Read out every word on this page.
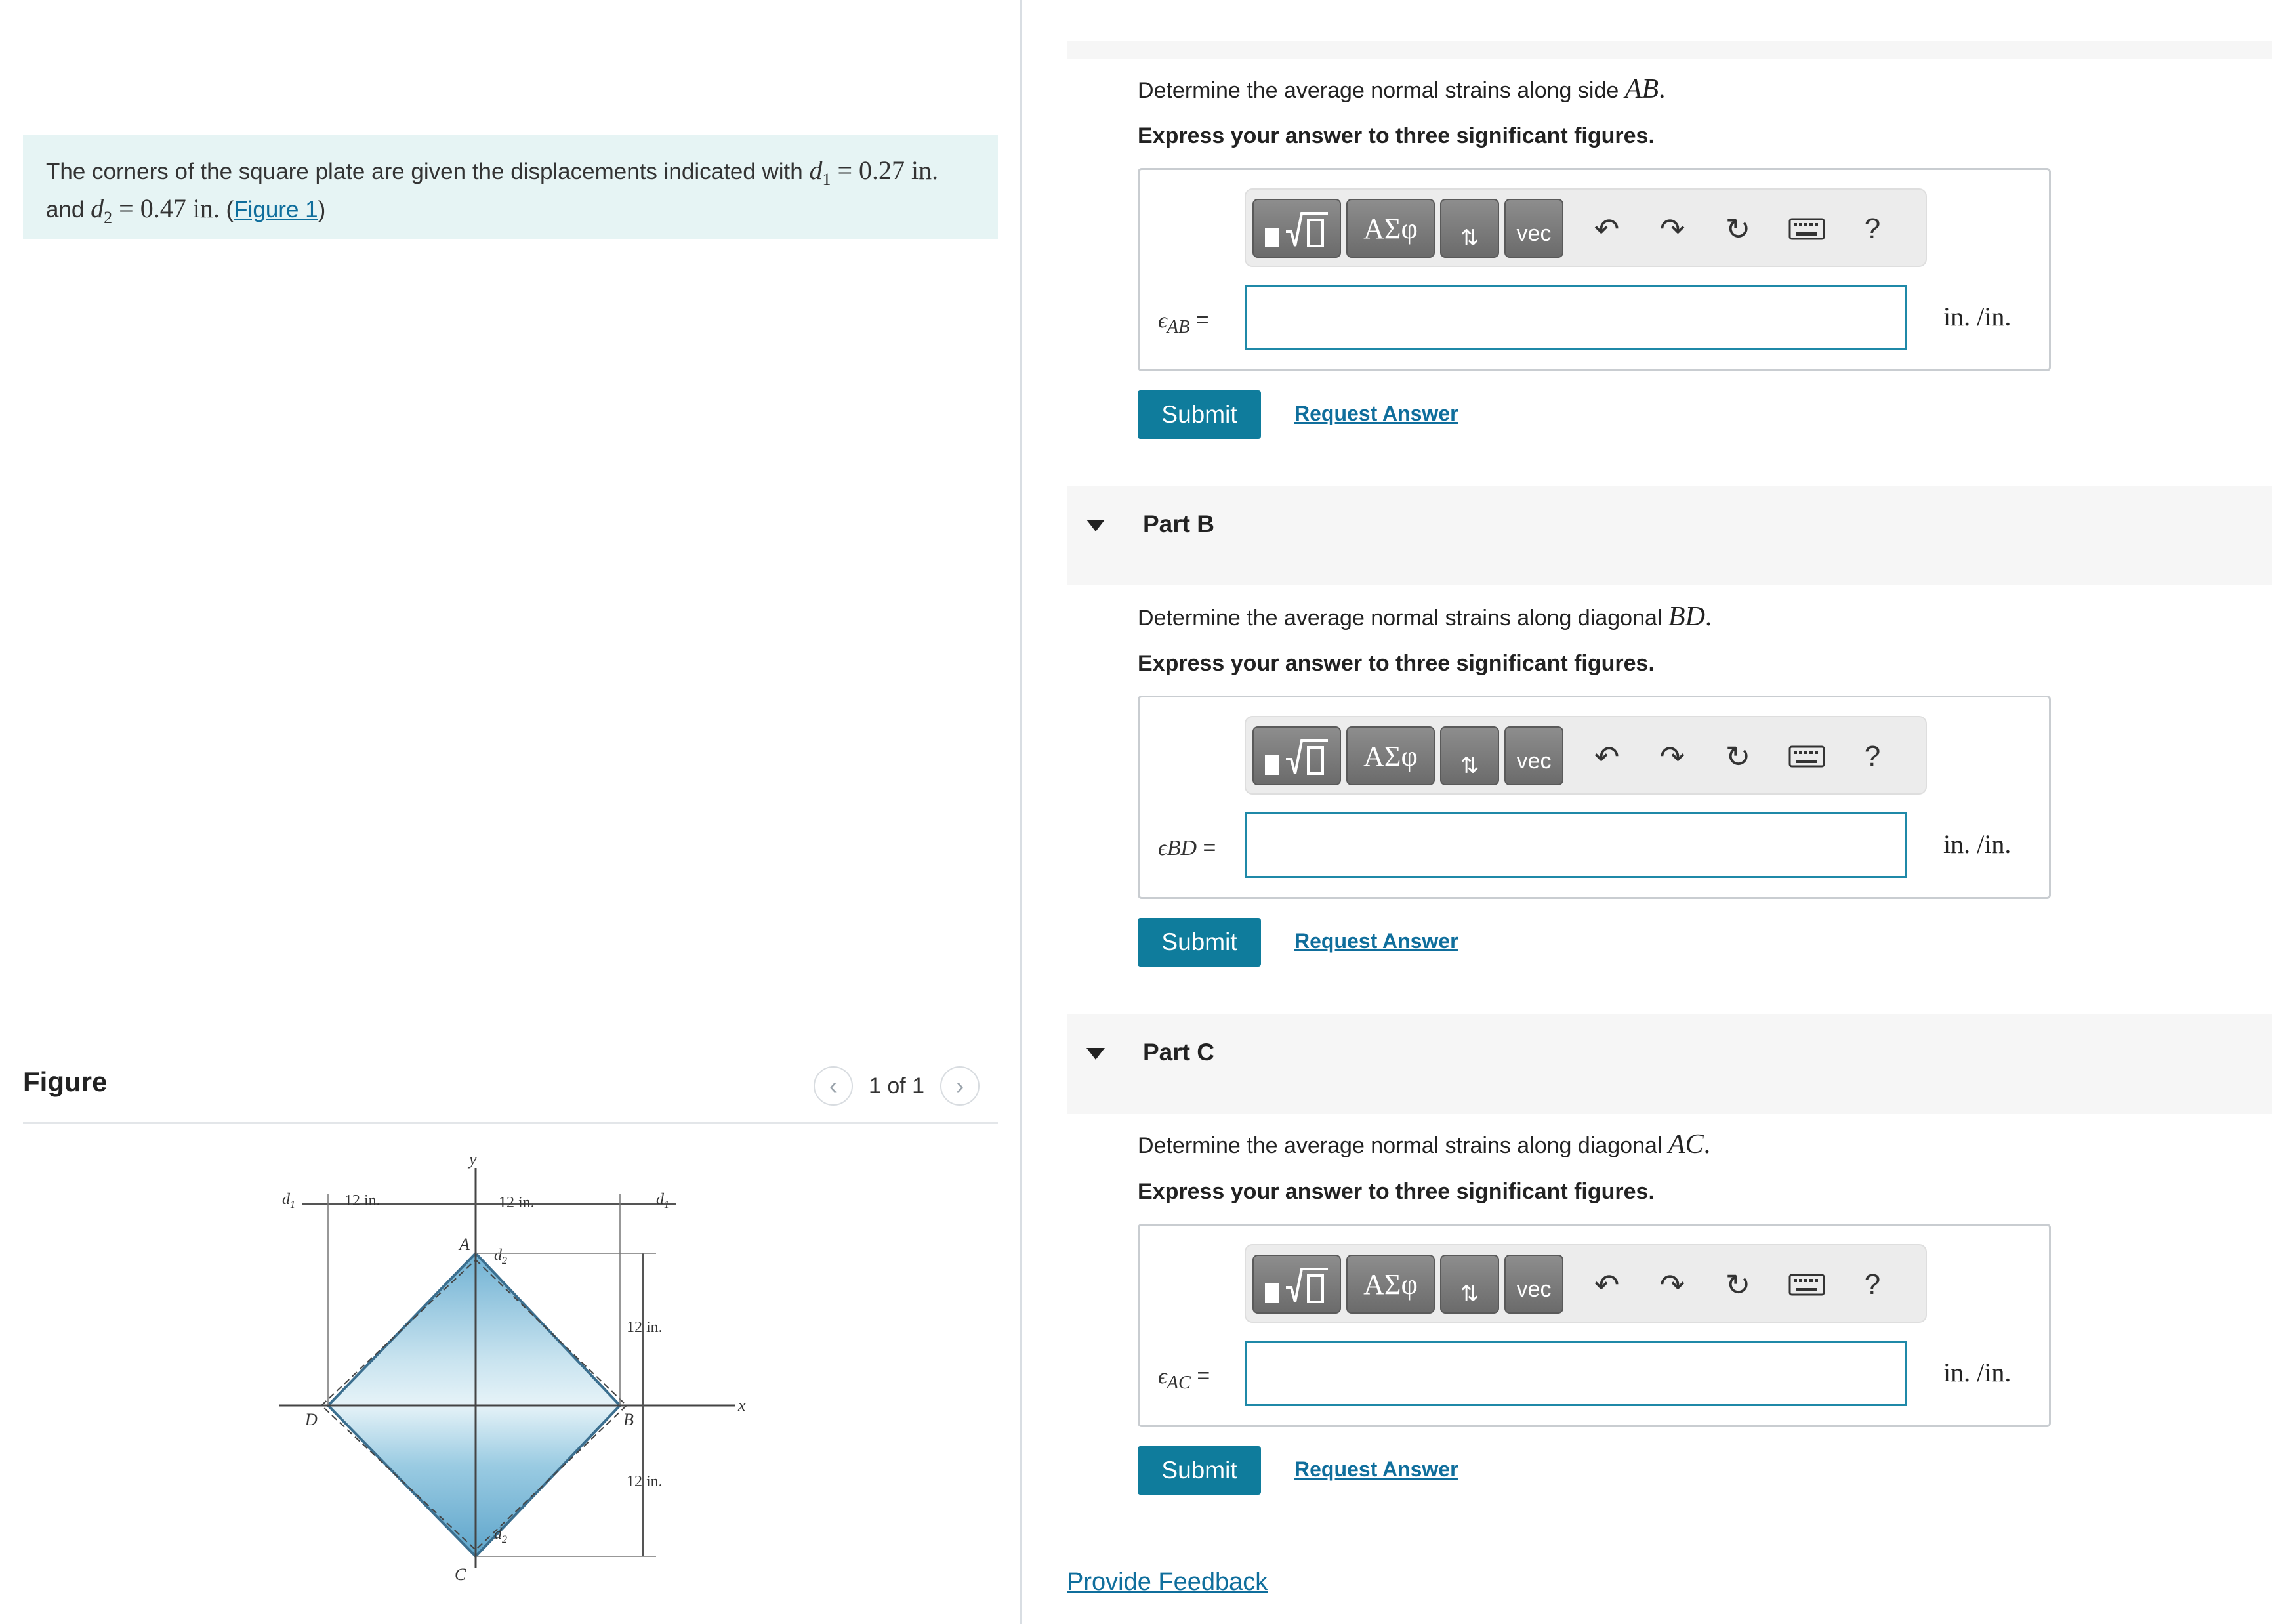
The corners of the square plate are given the displacements indicated with $d_1 = 0.27$ in.
and $d_2 = 0.47$ in. (Figure 1)
Figure	‹	1 of 1	›
y
x
A
B
C
D
12 in.	12 in.
$d_1$	$d_1$
$d_2$
$d_2$
12 in.
12 in.
Determine the average normal strains along side AB.
Express your answer to three significant figures.
ΑΣφ	⇅ vec ↶ ↷ ↻	?
$\epsilon_{AB}$ =	in. /in.
Submit	Request Answer
Part B
Determine the average normal strains along diagonal BD.
Express your answer to three significant figures.
ΑΣφ	⇅ vec ↶ ↷ ↻	?
ϵBD =	in. /in.
Submit	Request Answer
Part C
Determine the average normal strains along diagonal AC.
Express your answer to three significant figures.
ΑΣφ	⇅ vec ↶ ↷ ↻	?
$\epsilon_{AC}$ =	in. /in.
Submit	Request Answer
Provide Feedback
